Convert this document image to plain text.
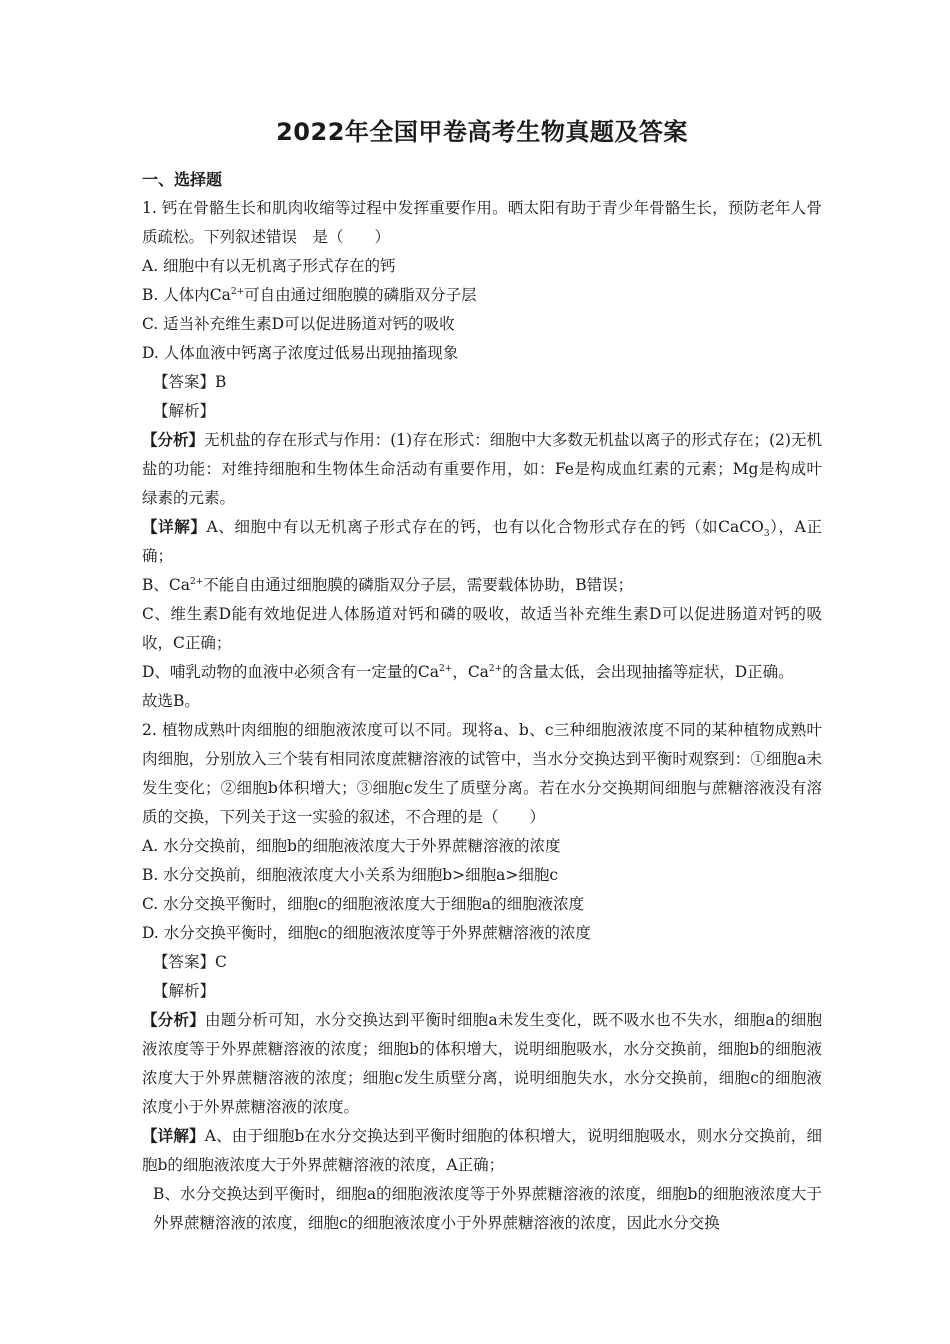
2022年全国甲卷高考生物真题及答案
一、选择题

1. 钙在骨骼生长和肌肉收缩等过程中发挥重要作用。晒太阳有助于青少年骨骼生长，预防老年人骨质疏松。下列叙述错误　是（　　）

A. 细胞中有以无机离子形式存在的钙

B. 人体内$Ca^{2+}$可自由通过细胞膜的磷脂双分子层

C. 适当补充维生素D可以促进肠道对钙的吸收

D. 人体血液中钙离子浓度过低易出现抽搐现象

【答案】B

【解析】

【分析】无机盐的存在形式与作用：(1)存在形式：细胞中大多数无机盐以离子的形式存在；(2)无机盐的功能：对维持细胞和生物体生命活动有重要作用，如：Fe是构成血红素的元素；Mg是构成叶绿素的元素。

【详解】A、细胞中有以无机离子形式存在的钙，也有以化合物形式存在的钙（如CaCO$_3$），A正确；

B、$Ca^{2+}$不能自由通过细胞膜的磷脂双分子层，需要载体协助，B错误；

C、维生素D能有效地促进人体肠道对钙和磷的吸收，故适当补充维生素D可以促进肠道对钙的吸收，C正确；

D、哺乳动物的血液中必须含有一定量的$Ca^{2+}$，$Ca^{2+}$的含量太低，会出现抽搐等症状，D正确。

故选B。

2. 植物成熟叶肉细胞的细胞液浓度可以不同。现将a、b、c三种细胞液浓度不同的某种植物成熟叶肉细胞，分别放入三个装有相同浓度蔗糖溶液的试管中，当水分交换达到平衡时观察到：①细胞a未发生变化；②细胞b体积增大；③细胞c发生了质壁分离。若在水分交换期间细胞与蔗糖溶液没有溶质的交换，下列关于这一实验的叙述，不合理的是（　　）

A. 水分交换前，细胞b的细胞液浓度大于外界蔗糖溶液的浓度

B. 水分交换前，细胞液浓度大小关系为细胞b>细胞a>细胞c

C. 水分交换平衡时，细胞c的细胞液浓度大于细胞a的细胞液浓度

D. 水分交换平衡时，细胞c的细胞液浓度等于外界蔗糖溶液的浓度

【答案】C

【解析】

【分析】由题分析可知，水分交换达到平衡时细胞a未发生变化，既不吸水也不失水，细胞a的细胞液浓度等于外界蔗糖溶液的浓度；细胞b的体积增大，说明细胞吸水，水分交换前，细胞b的细胞液浓度大于外界蔗糖溶液的浓度；细胞c发生质壁分离，说明细胞失水，水分交换前，细胞c的细胞液浓度小于外界蔗糖溶液的浓度。

【详解】A、由于细胞b在水分交换达到平衡时细胞的体积增大，说明细胞吸水，则水分交换前，细胞b的细胞液浓度大于外界蔗糖溶液的浓度，A正确；

B、水分交换达到平衡时，细胞a的细胞液浓度等于外界蔗糖溶液的浓度，细胞b的细胞液浓度大于外界蔗糖溶液的浓度，细胞c的细胞液浓度小于外界蔗糖溶液的浓度，因此水分交换
